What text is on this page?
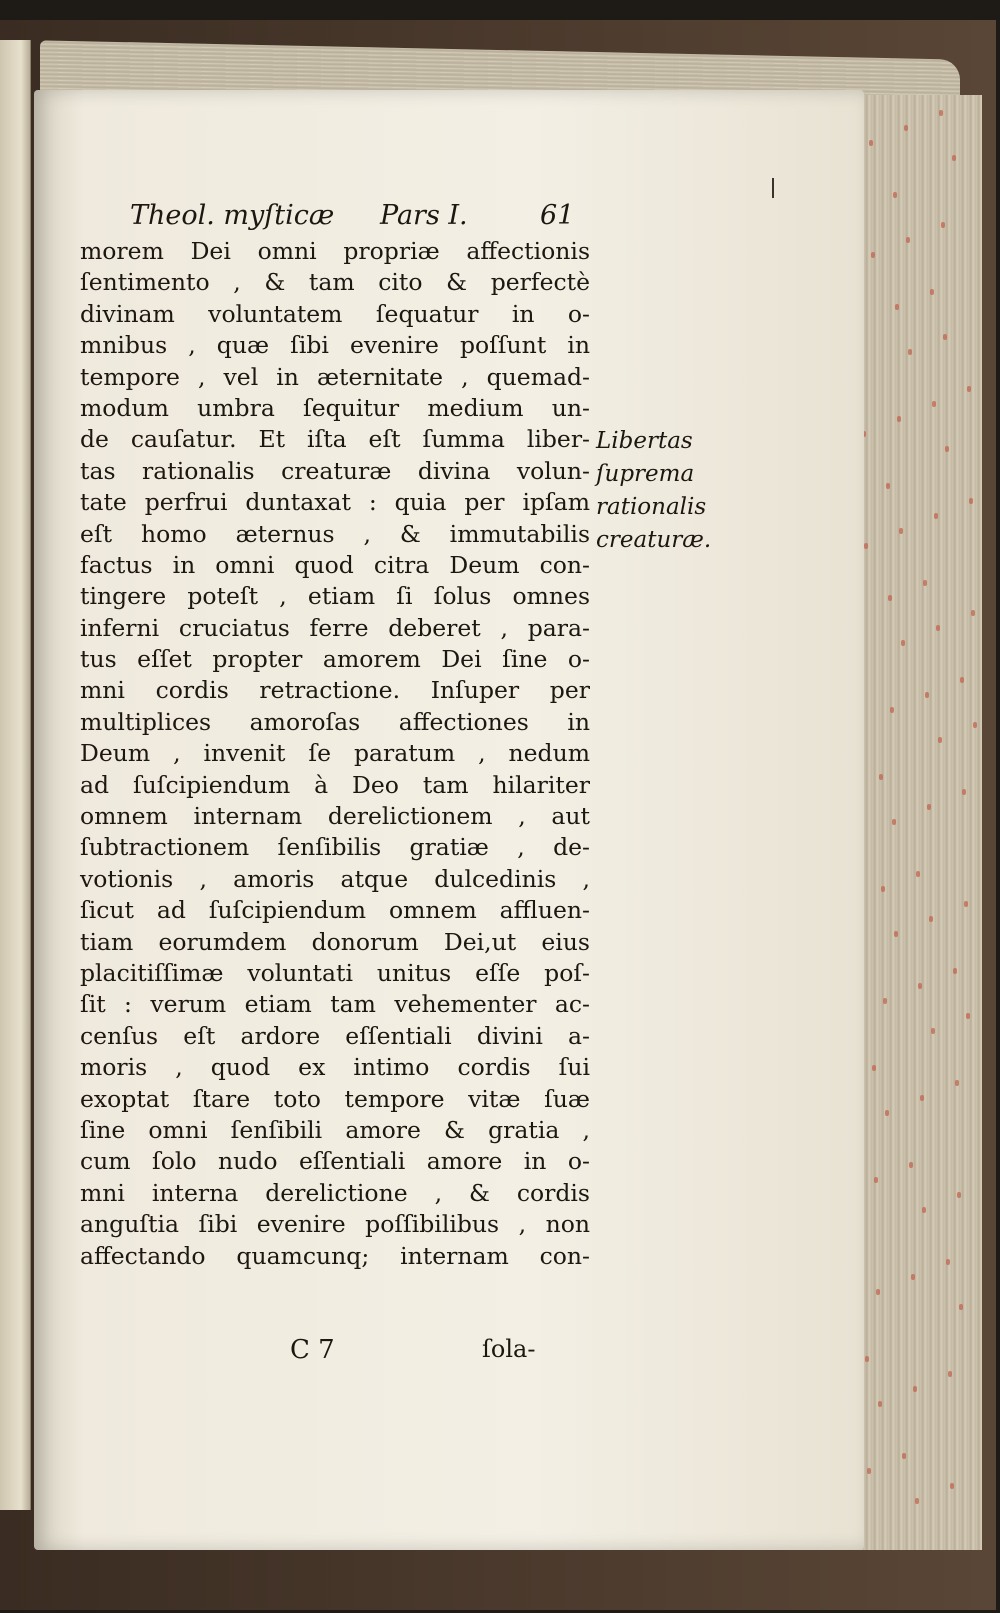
Theol. myſticæ Pars I.	61
morem Dei omni propriæ affectionis
ſentimento , & tam cito & perfectè
divinam voluntatem ſequatur in o-
mnibus , quæ ſibi evenire poſſunt in
tempore , vel in æternitate , quemad-
modum umbra ſequitur medium un-
de cauſatur. Et iſta eſt ſumma liber-
tas rationalis creaturæ divina volun-
tate perfrui duntaxat : quia per ipſam
eſt homo æternus , & immutabilis
factus in omni quod citra Deum con-
tingere poteſt , etiam ſi ſolus omnes
inferni cruciatus ferre deberet , para-
tus eſſet propter amorem Dei ſine o-
mni cordis retractione. Inſuper per
multiplices amoroſas affectiones in
Deum , invenit ſe paratum , nedum
ad ſuſcipiendum à Deo tam hilariter
omnem internam derelictionem , aut
ſubtractionem ſenſibilis gratiæ , de-
votionis , amoris atque dulcedinis ,
ſicut ad ſuſcipiendum omnem affluen-
tiam eorumdem donorum Dei,ut eius
placitiſſimæ voluntati unitus eſſe poſ-
ſit : verum etiam tam vehementer ac-
cenſus eſt ardore eſſentiali divini a-
moris , quod ex intimo cordis ſui
exoptat ſtare toto tempore vitæ ſuæ
ſine omni ſenſibili amore & gratia ,
cum ſolo nudo eſſentiali amore in o-
mni interna derelictione , & cordis
anguſtia ſibi evenire poſſibilibus , non
affectando quamcunq; internam con-
Libertas
ſuprema
rationalis
creaturæ.
C 7	ſola-
